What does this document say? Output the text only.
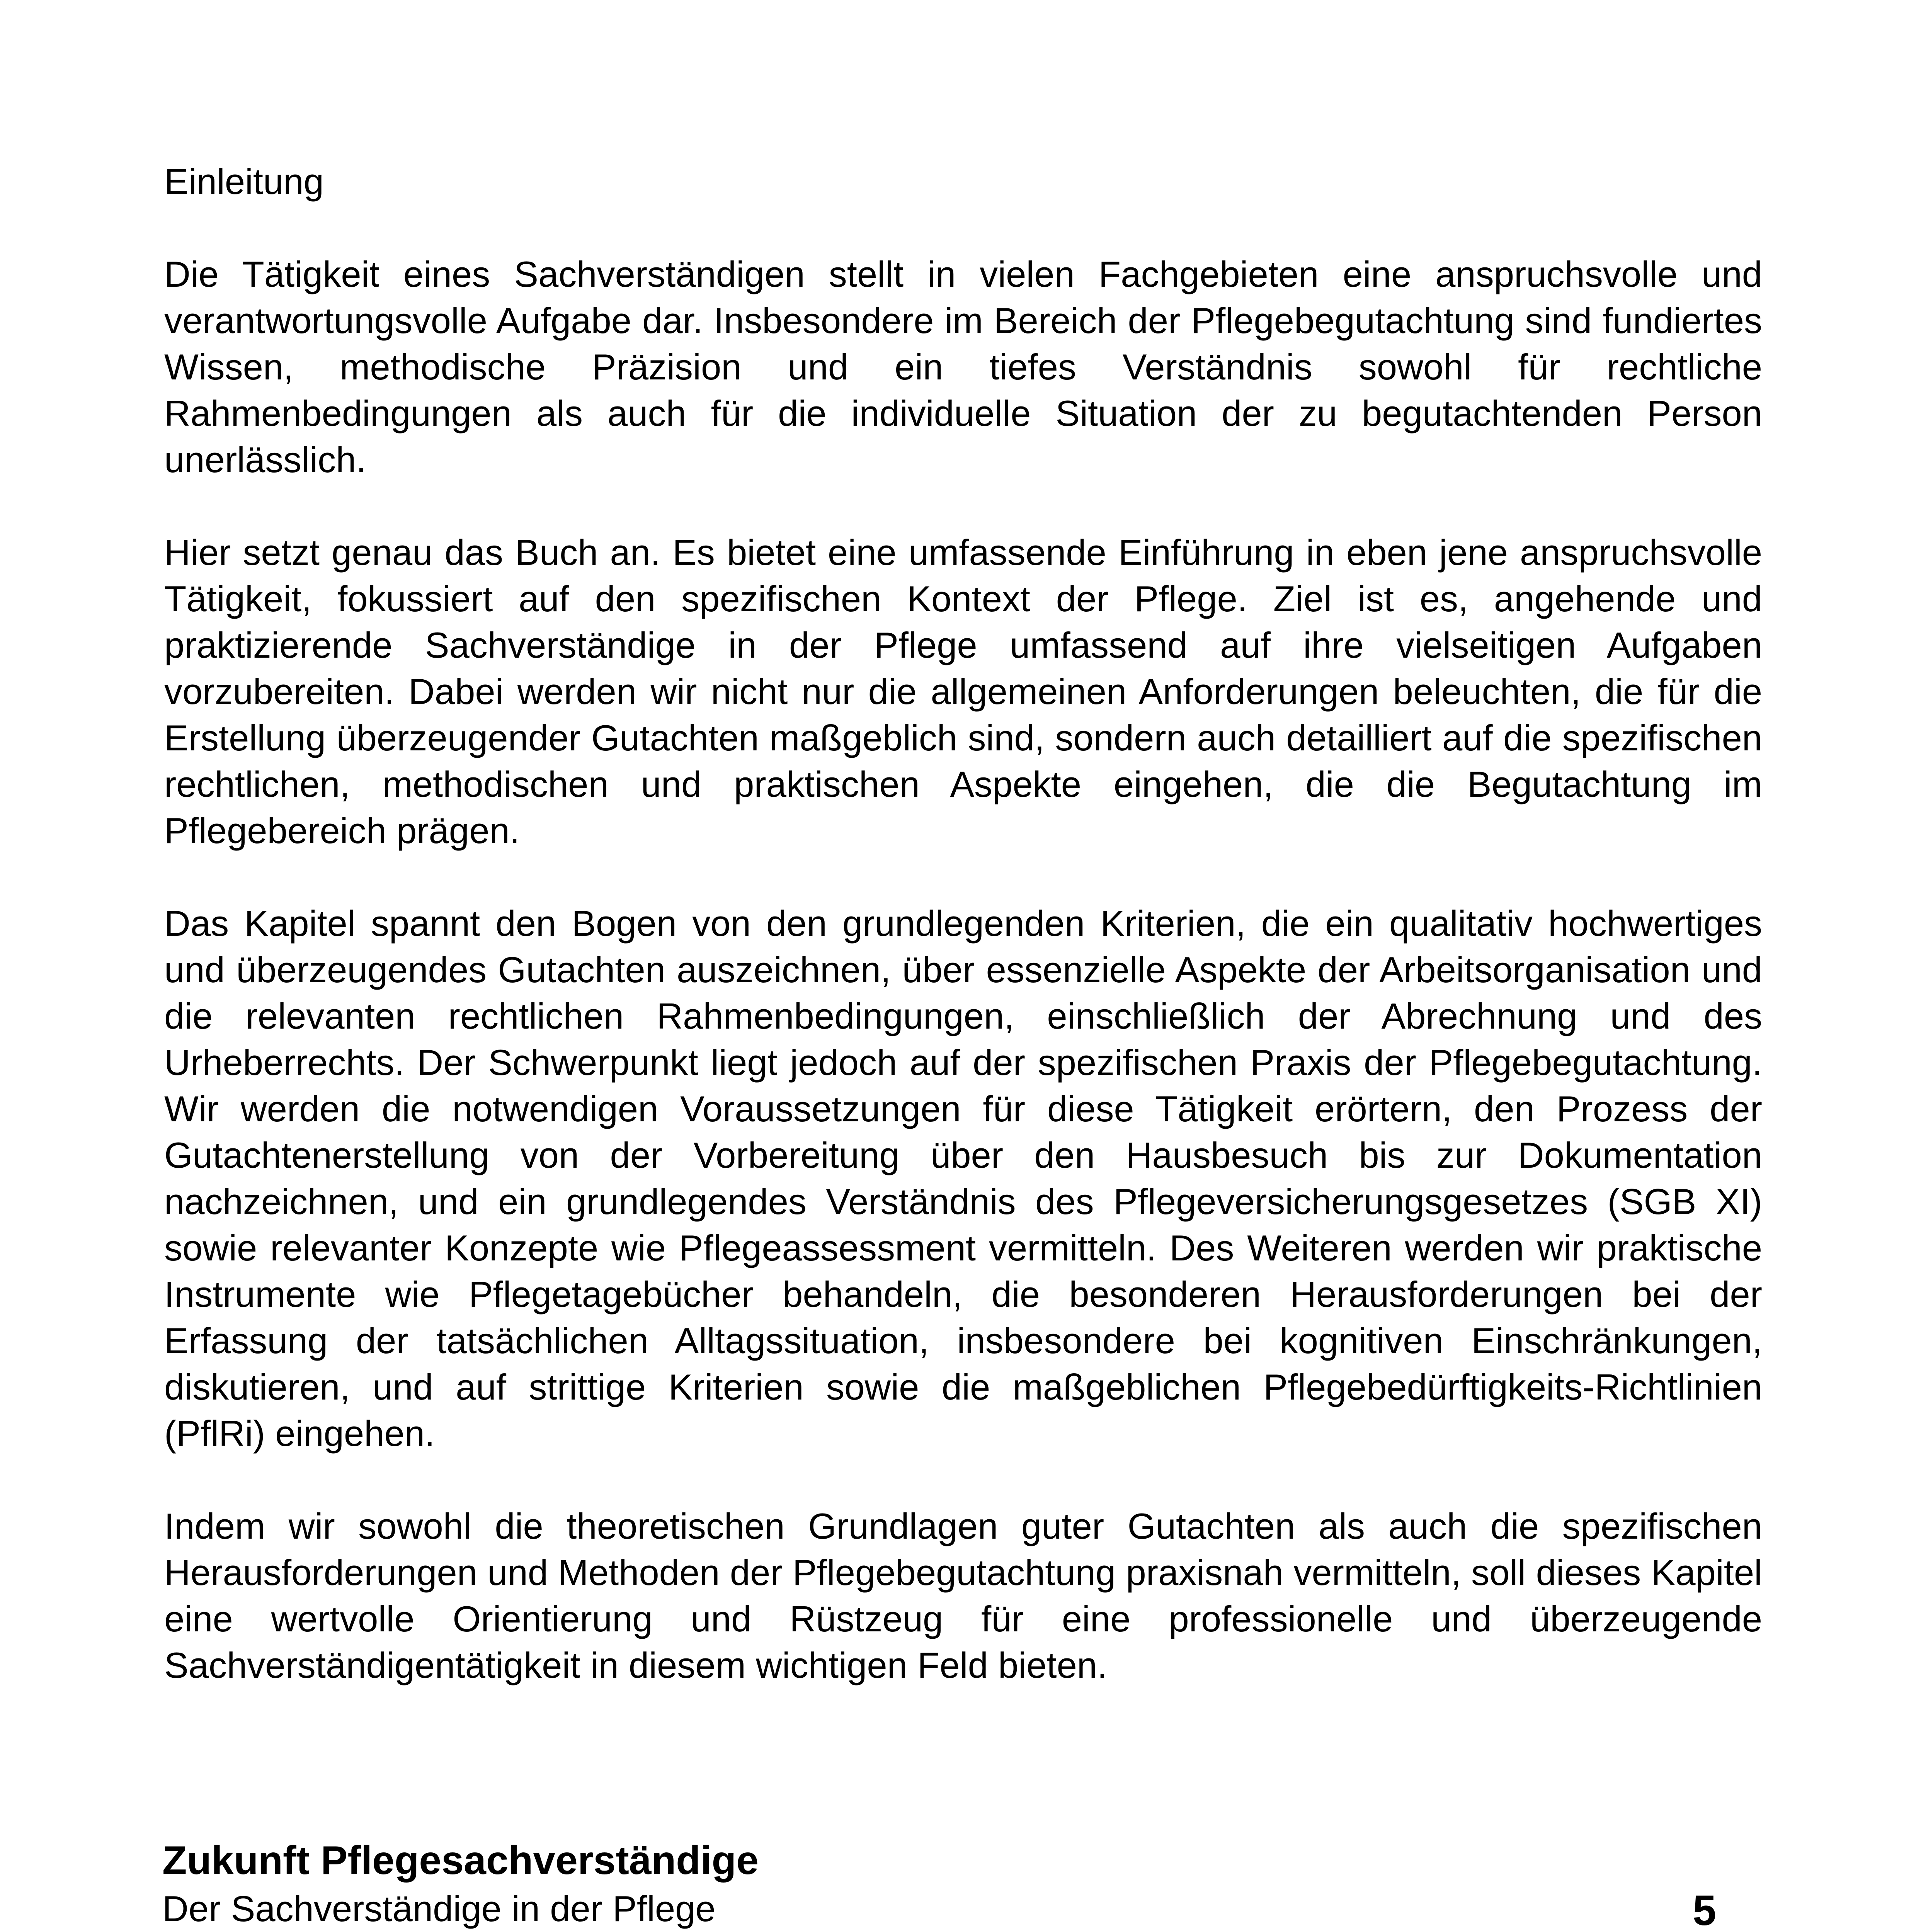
Einleitung

Die Tätigkeit eines Sachverständigen stellt in vielen Fachgebieten eine anspruchsvolle und verantwortungsvolle Aufgabe dar. Insbesondere im Bereich der Pflegebegutachtung sind fundiertes Wissen, methodische Präzision und ein tiefes Verständnis sowohl für rechtliche Rahmenbedingungen als auch für die individuelle Situation der zu begutachtenden Person unerlässlich.

Hier setzt genau das Buch an. Es bietet eine umfassende Einführung in eben jene anspruchsvolle Tätigkeit, fokussiert auf den spezifischen Kontext der Pflege. Ziel ist es, angehende und praktizierende Sachverständige in der Pflege umfassend auf ihre vielseitigen Aufgaben vorzubereiten. Dabei werden wir nicht nur die allgemeinen Anforderungen beleuchten, die für die Erstellung überzeugender Gutachten maßgeblich sind, sondern auch detailliert auf die spezifischen rechtlichen, methodischen und praktischen Aspekte eingehen, die die Begutachtung im Pflegebereich prägen.

Das Kapitel spannt den Bogen von den grundlegenden Kriterien, die ein qualitativ hochwertiges und überzeugendes Gutachten auszeichnen, über essenzielle Aspekte der Arbeitsorganisation und die relevanten rechtlichen Rahmenbedingungen, einschließlich der Abrechnung und des Urheberrechts. Der Schwerpunkt liegt jedoch auf der spezifischen Praxis der Pflegebegutachtung. Wir werden die notwendigen Voraussetzungen für diese Tätigkeit erörtern, den Prozess der Gutachtenerstellung von der Vorbereitung über den Hausbesuch bis zur Dokumentation nachzeichnen, und ein grundlegendes Verständnis des Pflegeversicherungsgesetzes (SGB XI) sowie relevanter Konzepte wie Pflegeassessment vermitteln. Des Weiteren werden wir praktische Instrumente wie Pflegetagebücher behandeln, die besonderen Herausforderungen bei der Erfassung der tatsächlichen Alltagssituation, insbesondere bei kognitiven Einschränkungen, diskutieren, und auf strittige Kriterien sowie die maßgeblichen Pflegebedürftigkeits-Richtlinien (PflRi) eingehen.

Indem wir sowohl die theoretischen Grundlagen guter Gutachten als auch die spezifischen Herausforderungen und Methoden der Pflegebegutachtung praxisnah vermitteln, soll dieses Kapitel eine wertvolle Orientierung und Rüstzeug für eine professionelle und überzeugende Sachverständigentätigkeit in diesem wichtigen Feld bieten.

Zukunft Pflegesachverständige
Der Sachverständige in der Pflege	5
